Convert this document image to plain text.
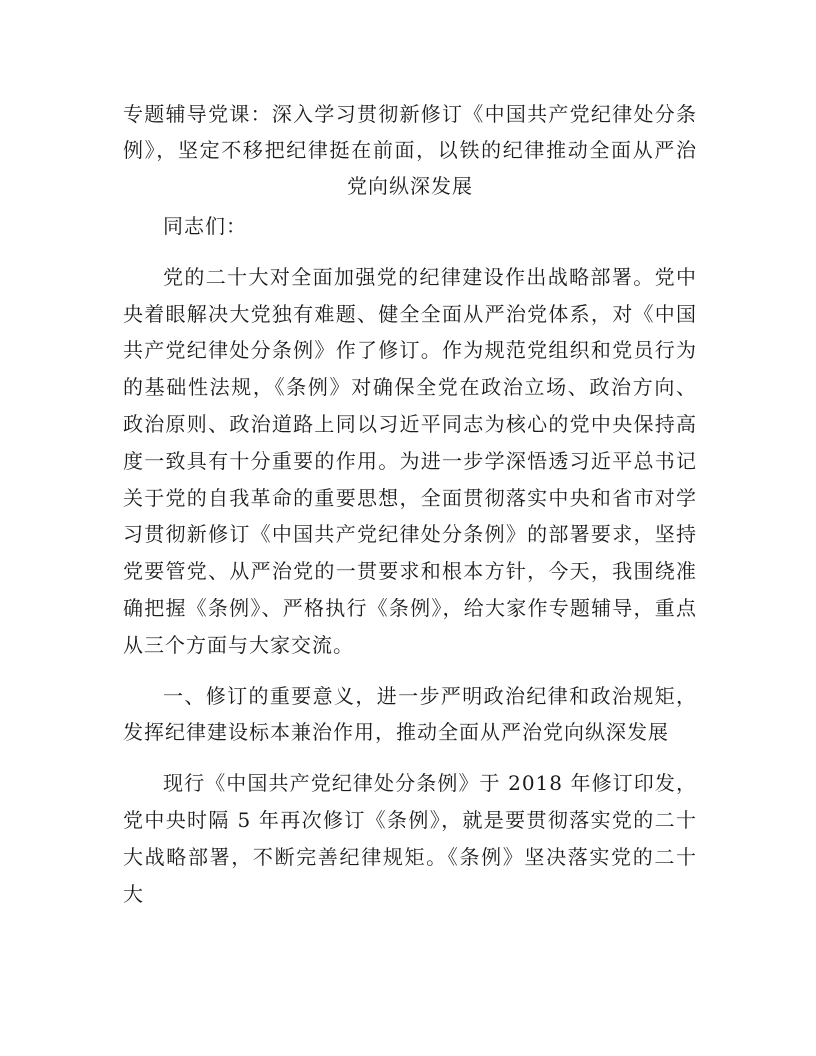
专题辅导党课：深入学习贯彻新修订《中国共产党纪律处分条例》，坚定不移把纪律挺在前面，以铁的纪律推动全面从严治党向纵深发展

同志们：

党的二十大对全面加强党的纪律建设作出战略部署。党中央着眼解决大党独有难题、健全全面从严治党体系，对《中国共产党纪律处分条例》作了修订。作为规范党组织和党员行为的基础性法规，《条例》对确保全党在政治立场、政治方向、政治原则、政治道路上同以习近平同志为核心的党中央保持高度一致具有十分重要的作用。为进一步学深悟透习近平总书记关于党的自我革命的重要思想，全面贯彻落实中央和省市对学习贯彻新修订《中国共产党纪律处分条例》的部署要求，坚持党要管党、从严治党的一贯要求和根本方针，今天，我围绕准确把握《条例》、严格执行《条例》，给大家作专题辅导，重点从三个方面与大家交流。

一、修订的重要意义，进一步严明政治纪律和政治规矩，发挥纪律建设标本兼治作用，推动全面从严治党向纵深发展

现行《中国共产党纪律处分条例》于 2018 年修订印发，党中央时隔 5 年再次修订《条例》，就是要贯彻落实党的二十大战略部署，不断完善纪律规矩。《条例》坚决落实党的二十大
